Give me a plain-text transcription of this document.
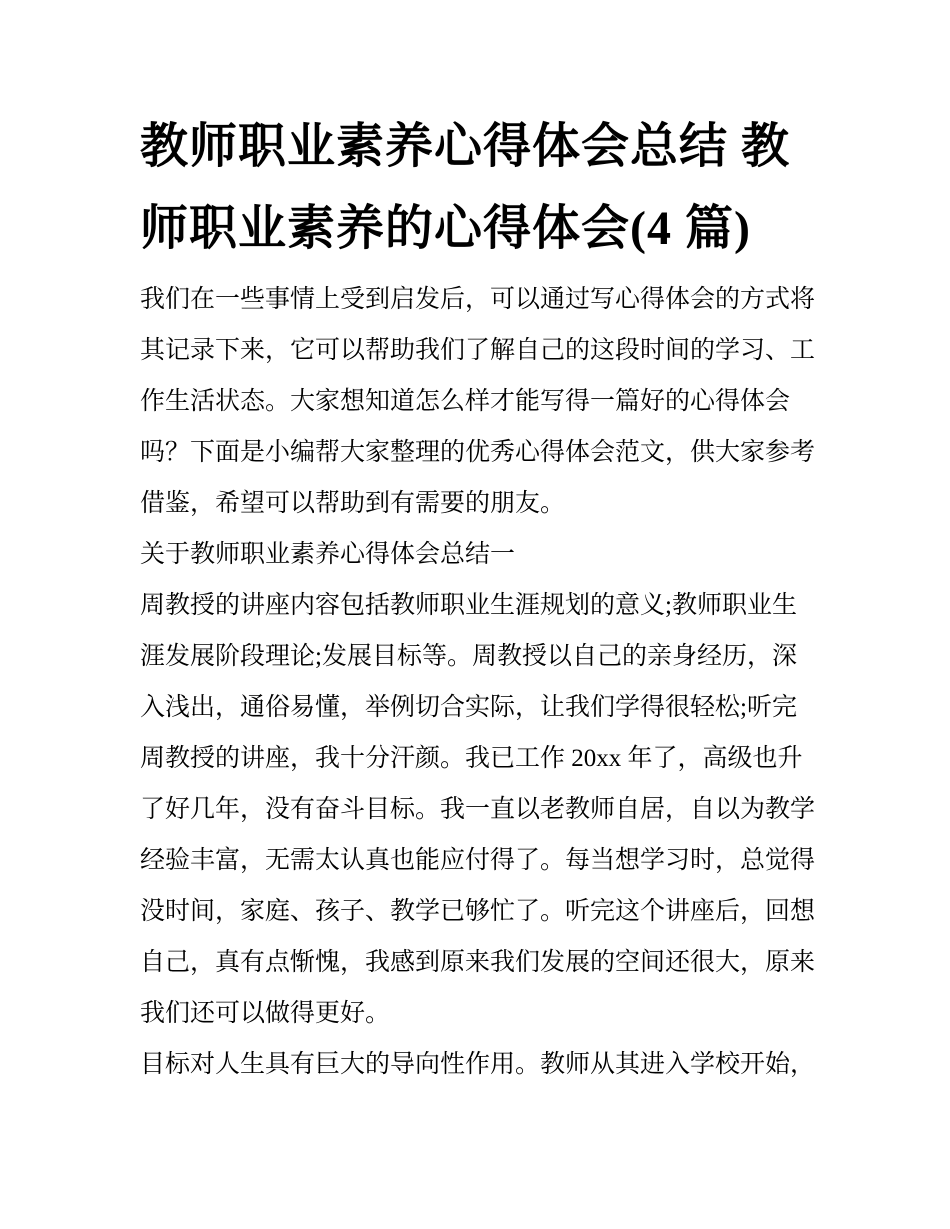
教师职业素养心得体会总结 教
师职业素养的心得体会(4 篇)

我们在一些事情上受到启发后，可以通过写心得体会的方式将
其记录下来，它可以帮助我们了解自己的这段时间的学习、工
作生活状态。大家想知道怎么样才能写得一篇好的心得体会
吗？下面是小编帮大家整理的优秀心得体会范文，供大家参考
借鉴，希望可以帮助到有需要的朋友。

关于教师职业素养心得体会总结一

周教授的讲座内容包括教师职业生涯规划的意义;教师职业生
涯发展阶段理论;发展目标等。周教授以自己的亲身经历，深
入浅出，通俗易懂，举例切合实际，让我们学得很轻松;听完
周教授的讲座，我十分汗颜。我已工作 20xx 年了，高级也升
了好几年，没有奋斗目标。我一直以老教师自居，自以为教学
经验丰富，无需太认真也能应付得了。每当想学习时，总觉得
没时间，家庭、孩子、教学已够忙了。听完这个讲座后，回想
自己，真有点惭愧，我感到原来我们发展的空间还很大，原来
我们还可以做得更好。

目标对人生具有巨大的导向性作用。教师从其进入学校开始，
